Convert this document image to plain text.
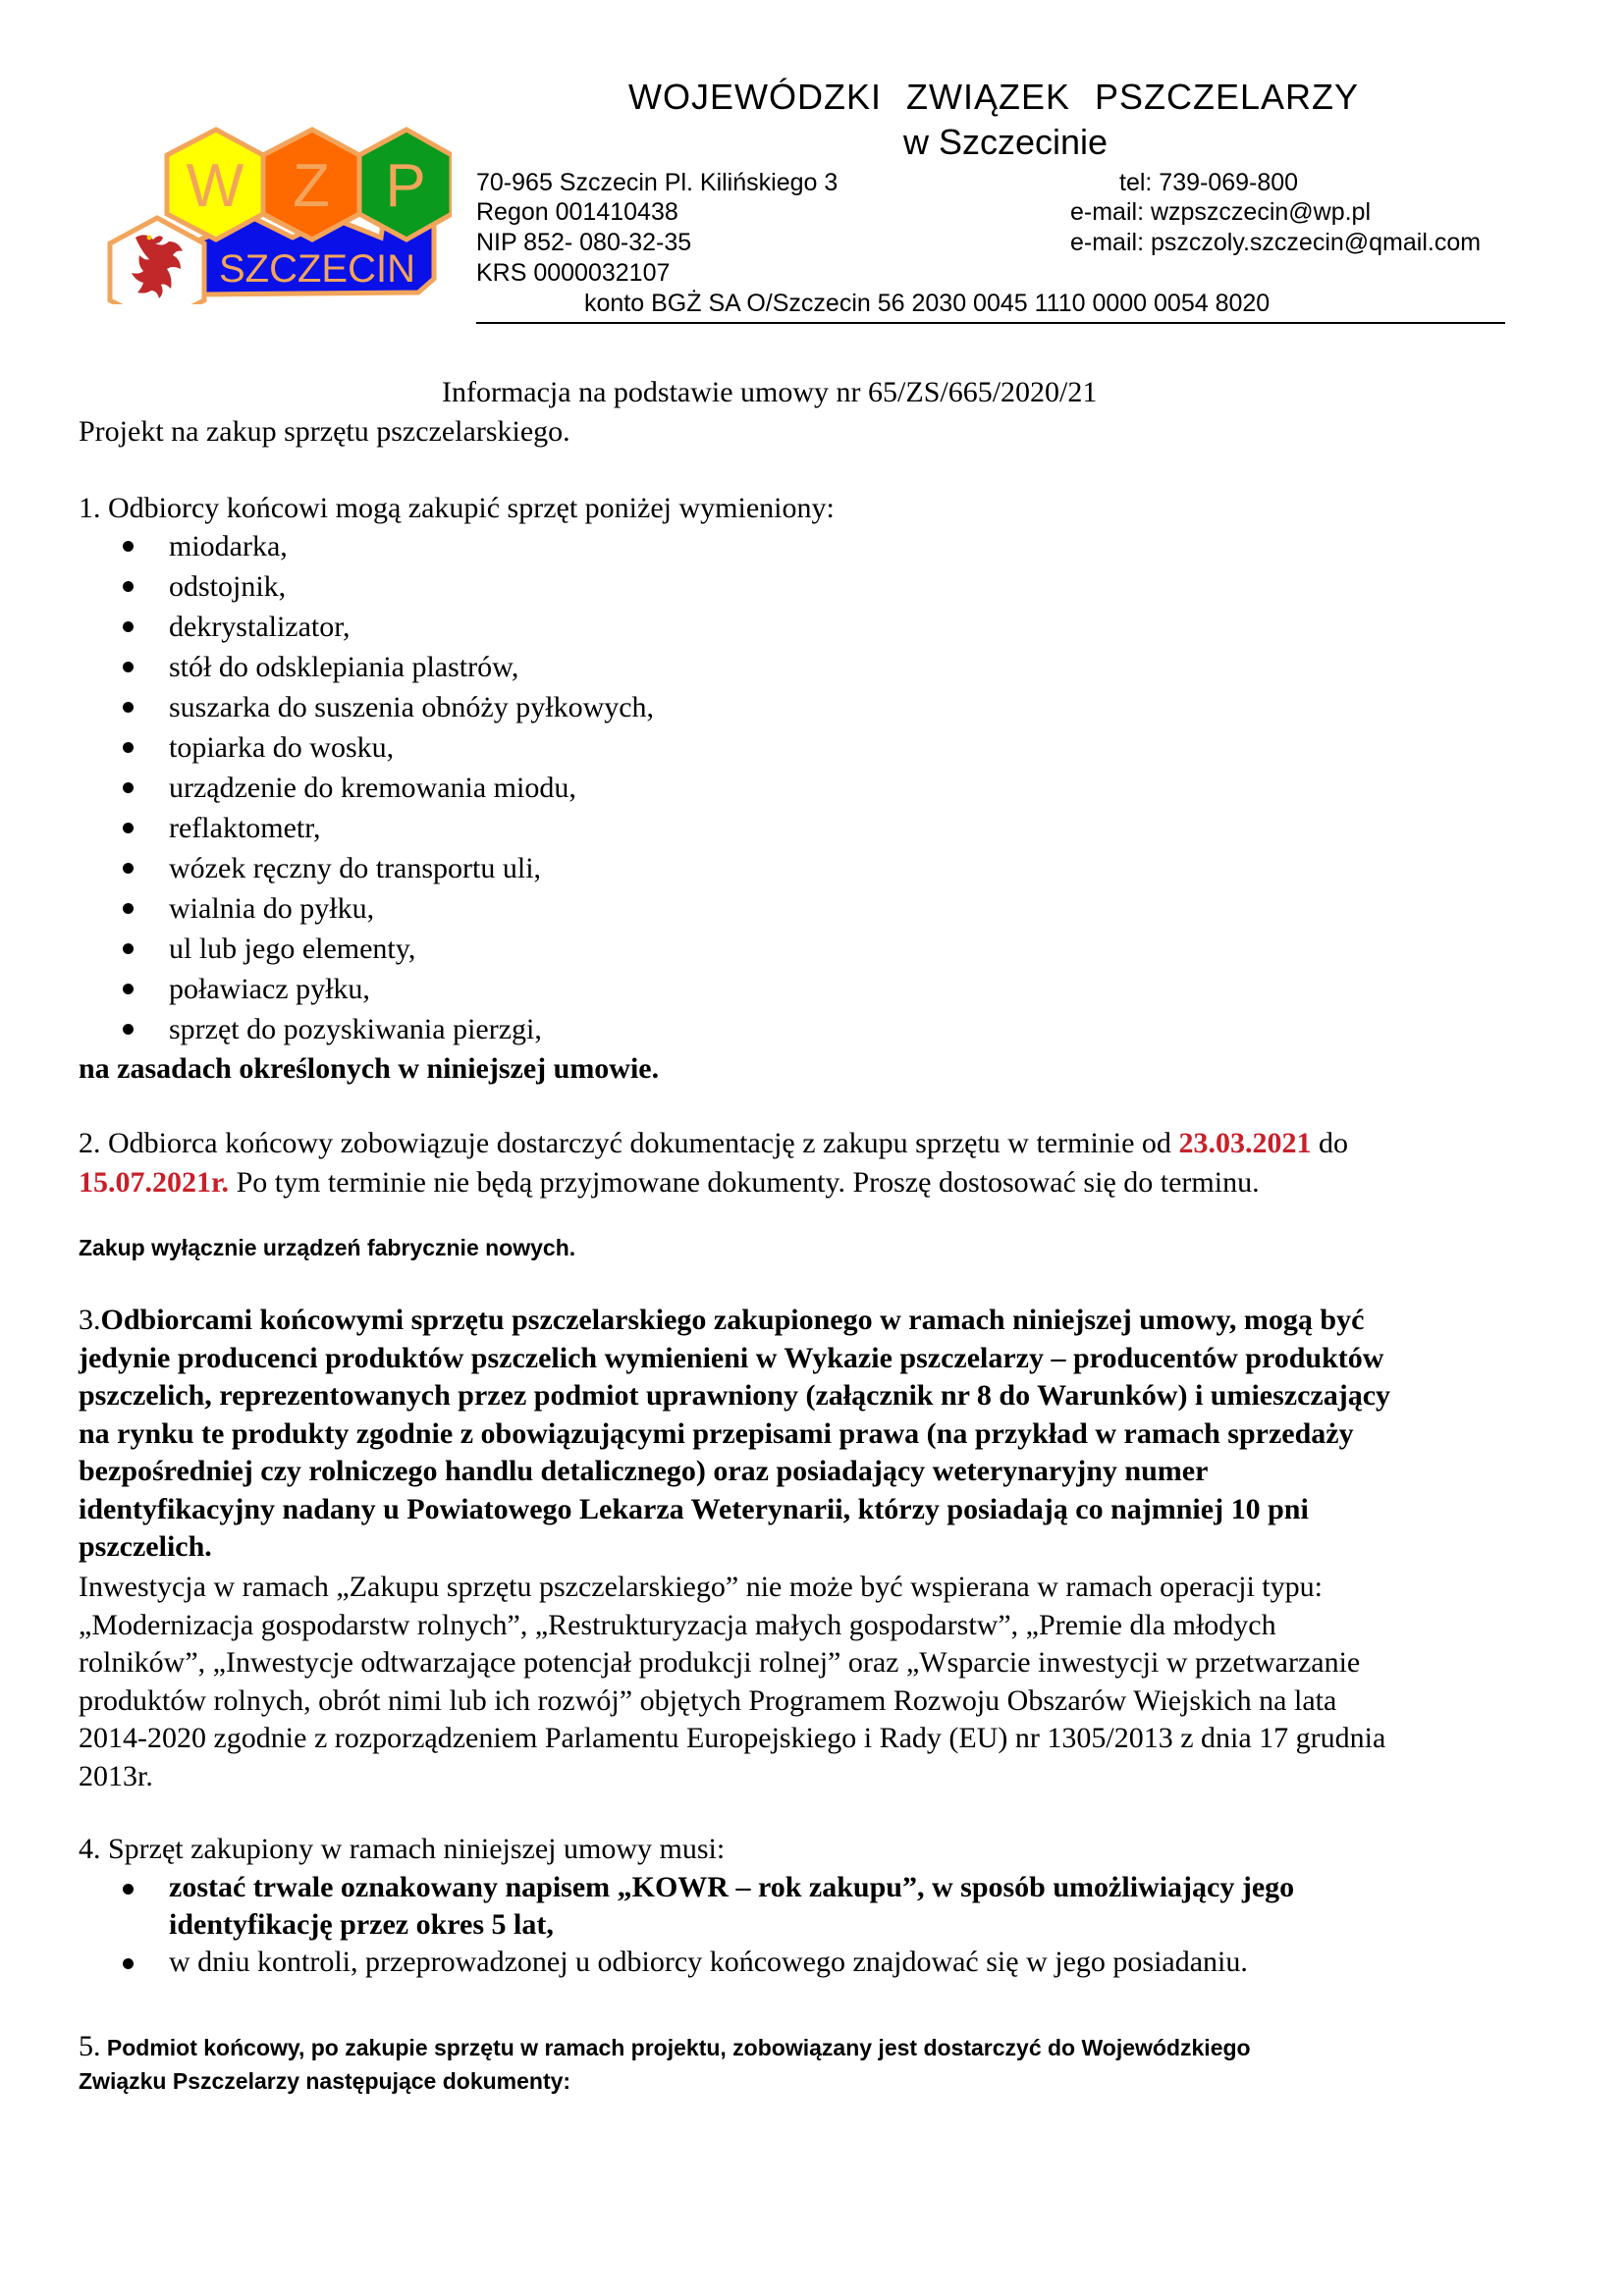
W Z P
SZCZECIN
WOJEWÓDZKI ZWIĄZEK PSZCZELARZY
w Szczecinie
70-965 Szczecin Pl. Kilińskiego 3
Regon 001410438
NIP 852- 080-32-35
KRS 0000032107
tel: 739-069-800
e-mail: wzpszczecin@wp.pl
e-mail: pszczoly.szczecin@qmail.com
konto BGŻ SA O/Szczecin 56 2030 0045 1110 0000 0054 8020
Informacja na podstawie umowy nr 65/ZS/665/2020/21
Projekt na zakup sprzętu pszczelarskiego.
1. Odbiorcy końcowi mogą zakupić sprzęt poniżej wymieniony:
miodarka,
odstojnik,
dekrystalizator,
stół do odsklepiania plastrów,
suszarka do suszenia obnóży pyłkowych,
topiarka do wosku,
urządzenie do kremowania miodu,
reflaktometr,
wózek ręczny do transportu uli,
wialnia do pyłku,
ul lub jego elementy,
poławiacz pyłku,
sprzęt do pozyskiwania pierzgi,
na zasadach określonych w niniejszej umowie.
2. Odbiorca końcowy zobowiązuje dostarczyć dokumentację z zakupu sprzętu w terminie od 23.03.2021 do
15.07.2021r. Po tym terminie nie będą przyjmowane dokumenty. Proszę dostosować się do terminu.
Zakup wyłącznie urządzeń fabrycznie nowych.
3.Odbiorcami końcowymi sprzętu pszczelarskiego zakupionego w ramach niniejszej umowy, mogą być
jedynie producenci produktów pszczelich wymienieni w Wykazie pszczelarzy – producentów produktów
pszczelich, reprezentowanych przez podmiot uprawniony (załącznik nr 8 do Warunków) i umieszczający
na rynku te produkty zgodnie z obowiązującymi przepisami prawa (na przykład w ramach sprzedaży
bezpośredniej czy rolniczego handlu detalicznego) oraz posiadający weterynaryjny numer
identyfikacyjny nadany u Powiatowego Lekarza Weterynarii, którzy posiadają co najmniej 10 pni
pszczelich.
Inwestycja w ramach „Zakupu sprzętu pszczelarskiego” nie może być wspierana w ramach operacji typu:
„Modernizacja gospodarstw rolnych”, „Restrukturyzacja małych gospodarstw”, „Premie dla młodych
rolników”, „Inwestycje odtwarzające potencjał produkcji rolnej” oraz „Wsparcie inwestycji w przetwarzanie
produktów rolnych, obrót nimi lub ich rozwój” objętych Programem Rozwoju Obszarów Wiejskich na lata
2014-2020 zgodnie z rozporządzeniem Parlamentu Europejskiego i Rady (EU) nr 1305/2013 z dnia 17 grudnia
2013r.
4. Sprzęt zakupiony w ramach niniejszej umowy musi:
zostać trwale oznakowany napisem „KOWR – rok zakupu”, w sposób umożliwiający jego
identyfikację przez okres 5 lat,
w dniu kontroli, przeprowadzonej u odbiorcy końcowego znajdować się w jego posiadaniu.
5. Podmiot końcowy, po zakupie sprzętu w ramach projektu, zobowiązany jest dostarczyć do Wojewódzkiego
Związku Pszczelarzy następujące dokumenty:
